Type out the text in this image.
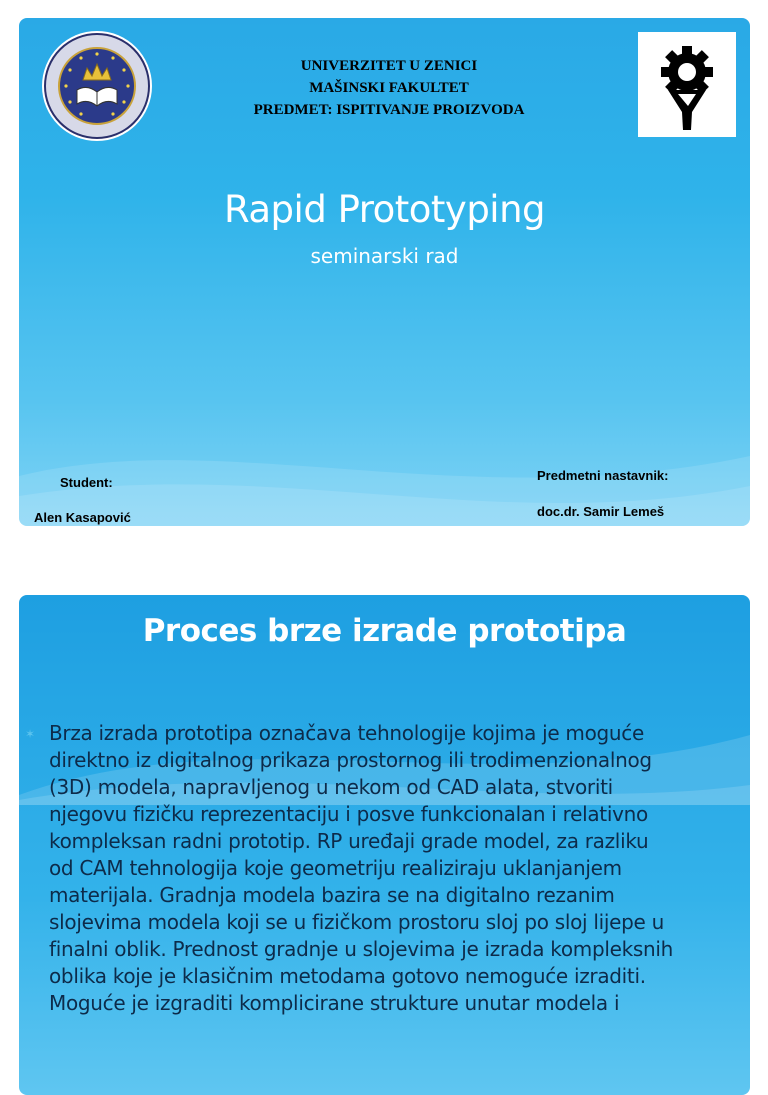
UNIVERZITET U ZENICI
MAŠINSKI FAKULTET
PREDMET: ISPITIVANJE PROIZVODA
Rapid Prototyping
seminarski rad
Student:
Alen Kasapović
Predmetni nastavnik:
doc.dr. Samir Lemeš
Proces brze izrade prototipa
✶ Brza izrada prototipa označava tehnologije kojima je moguće
direktno iz digitalnog prikaza prostornog ili trodimenzionalnog
(3D) modela, napravljenog u nekom od CAD alata, stvoriti
njegovu fizičku reprezentaciju i posve funkcionalan i relativno
kompleksan radni prototip. RP uređaji grade model, za razliku
od CAM tehnologija koje geometriju realiziraju uklanjanjem
materijala. Gradnja modela bazira se na digitalno rezanim
slojevima modela koji se u fizičkom prostoru sloj po sloj lijepe u
finalni oblik. Prednost gradnje u slojevima je izrada kompleksnih
oblika koje je klasičnim metodama gotovo nemoguće izraditi.
Moguće je izgraditi komplicirane strukture unutar modela i
